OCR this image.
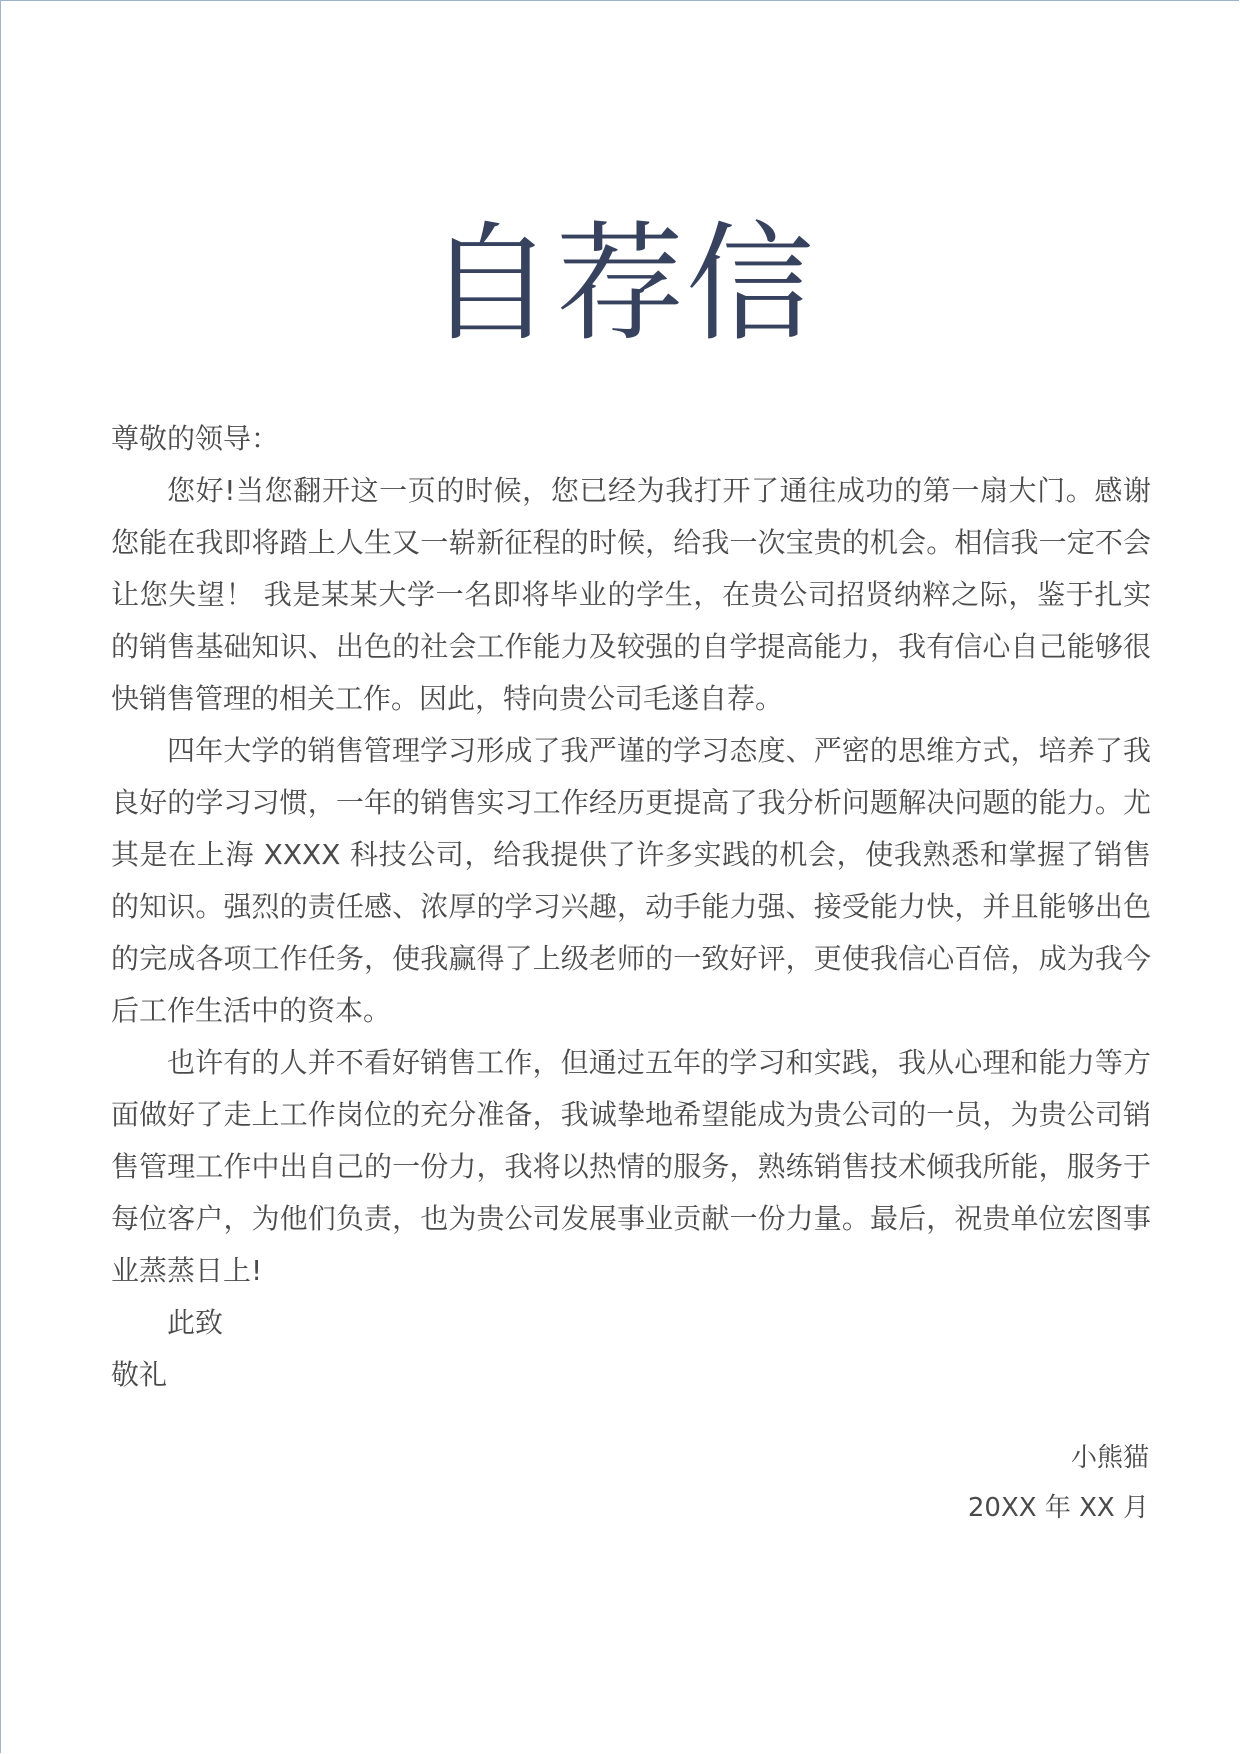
自荐信

尊敬的领导：

您好!当您翻开这一页的时候，您已经为我打开了通往成功的第一扇大门。感谢您能在我即将踏上人生又一崭新征程的时候，给我一次宝贵的机会。相信我一定不会让您失望！ 我是某某大学一名即将毕业的学生，在贵公司招贤纳粹之际，鉴于扎实的销售基础知识、出色的社会工作能力及较强的自学提高能力，我有信心自己能够很快销售管理的相关工作。因此，特向贵公司毛遂自荐。

四年大学的销售管理学习形成了我严谨的学习态度、严密的思维方式，培养了我良好的学习习惯，一年的销售实习工作经历更提高了我分析问题解决问题的能力。尤其是在上海 XXXX 科技公司，给我提供了许多实践的机会，使我熟悉和掌握了销售的知识。强烈的责任感、浓厚的学习兴趣，动手能力强、接受能力快，并且能够出色的完成各项工作任务，使我赢得了上级老师的一致好评，更使我信心百倍，成为我今后工作生活中的资本。

也许有的人并不看好销售工作，但通过五年的学习和实践，我从心理和能力等方面做好了走上工作岗位的充分准备，我诚挚地希望能成为贵公司的一员，为贵公司销售管理工作中出自己的一份力，我将以热情的服务，熟练销售技术倾我所能，服务于每位客户，为他们负责，也为贵公司发展事业贡献一份力量。最后，祝贵单位宏图事业蒸蒸日上!

此致

敬礼

小熊猫

20XX 年 XX 月
